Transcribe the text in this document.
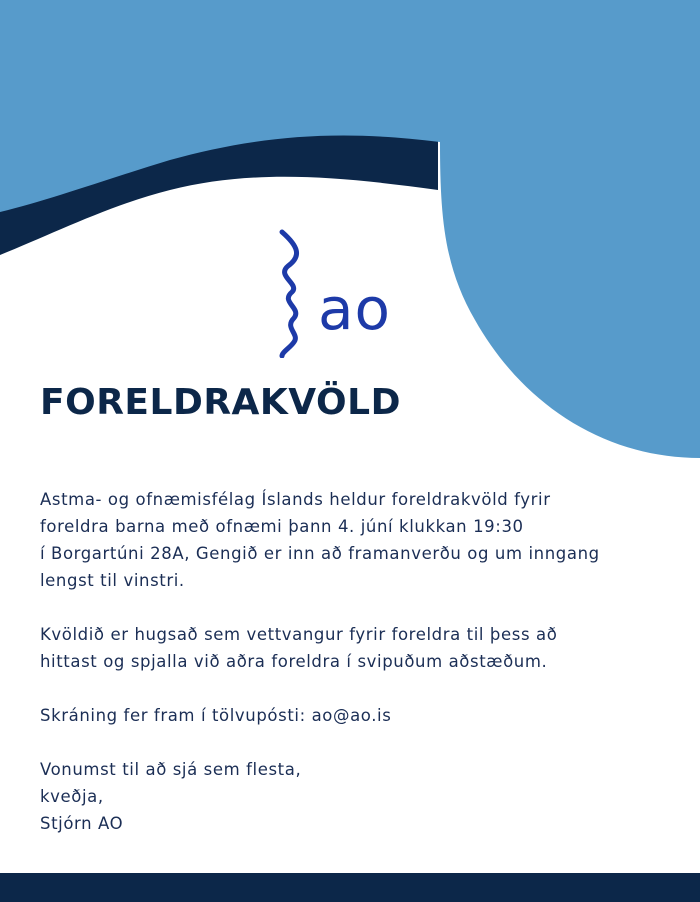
ao
FORELDRAKVÖLD

Astma- og ofnæmisfélag Íslands heldur foreldrakvöld fyrir
foreldra barna með ofnæmi þann 4. júní klukkan 19:30
í Borgartúni 28A, Gengið er inn að framanverðu og um inngang
lengst til vinstri.

Kvöldið er hugsað sem vettvangur fyrir foreldra til þess að
hittast og spjalla við aðra foreldra í svipuðum aðstæðum.

Skráning fer fram í tölvupósti: ao@ao.is

Vonumst til að sjá sem flesta,
kveðja,
Stjórn AO
